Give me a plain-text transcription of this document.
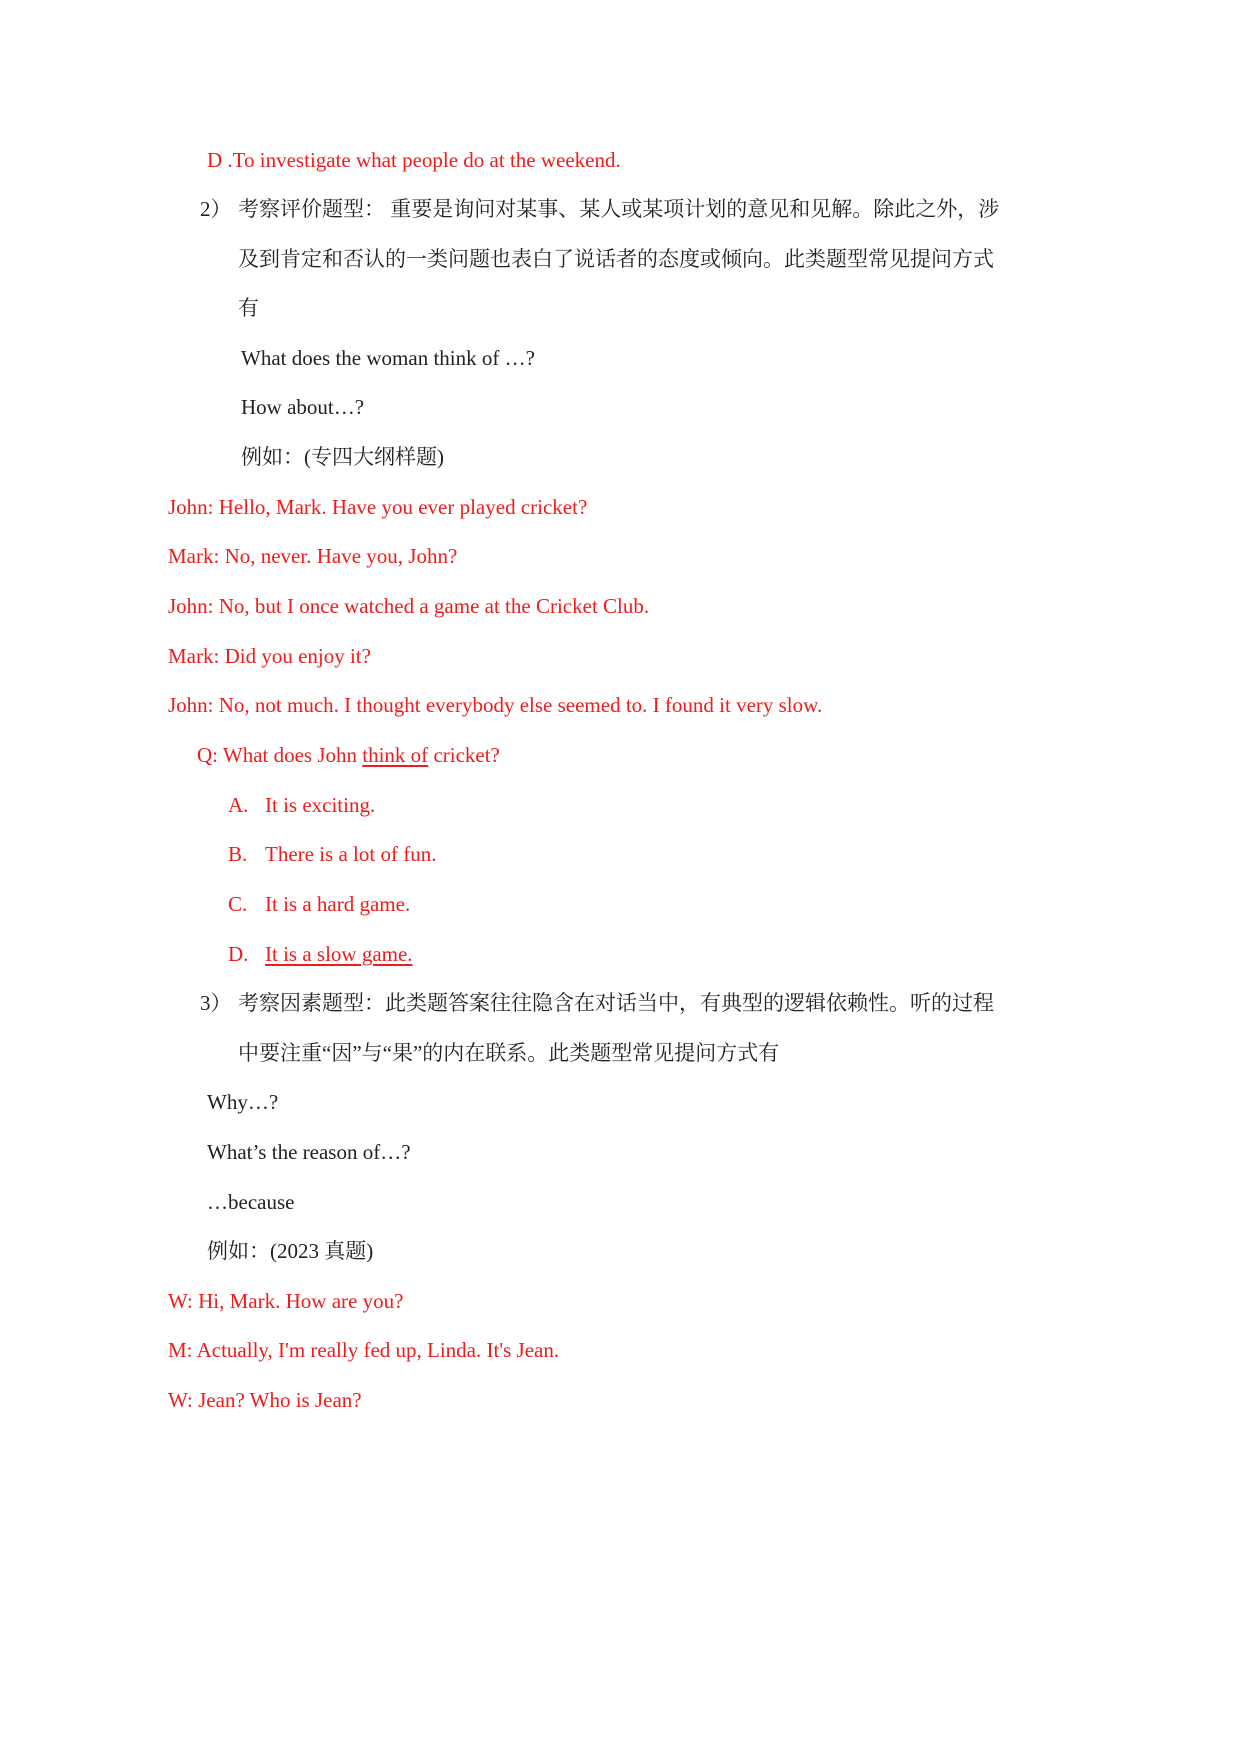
D .To investigate what people do at the weekend.
2） 考察评价题型： 重要是询问对某事、某人或某项计划的意见和见解。除此之外，涉
及到肯定和否认的一类问题也表白了说话者的态度或倾向。此类题型常见提问方式
有
What does the woman think of …?
How about…?
例如：(专四大纲样题)
John: Hello, Mark. Have you ever played cricket?
Mark: No, never. Have you, John?
John: No, but I once watched a game at the Cricket Club.
Mark: Did you enjoy it?
John: No, not much. I thought everybody else seemed to. I found it very slow.
Q: What does John think of cricket?
A. It is exciting.
B. There is a lot of fun.
C. It is a hard game.
D. It is a slow game.
3） 考察因素题型：此类题答案往往隐含在对话当中，有典型的逻辑依赖性。听的过程
中要注重“因”与“果”的内在联系。此类题型常见提问方式有
Why…?
What’s the reason of…?
…because
例如：(2023 真题)
W: Hi, Mark. How are you?
M: Actually, I'm really fed up, Linda. It's Jean.
W: Jean? Who is Jean?
